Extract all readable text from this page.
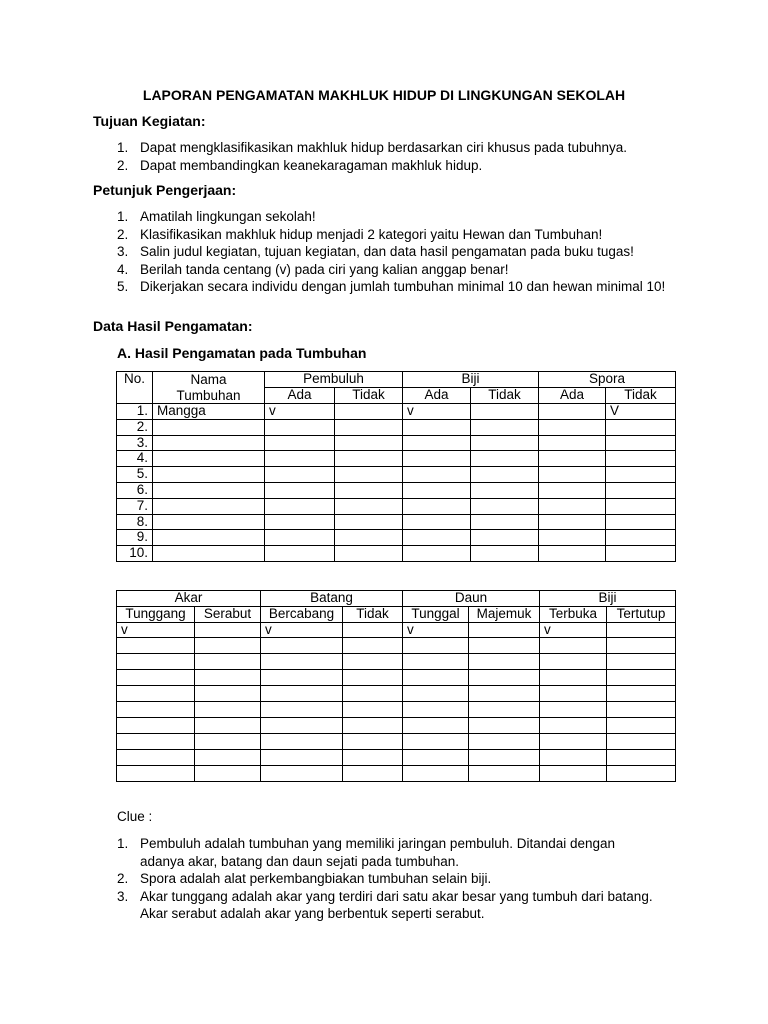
LAPORAN PENGAMATAN MAKHLUK HIDUP DI LINGKUNGAN SEKOLAH
Tujuan Kegiatan:
1. Dapat mengklasifikasikan makhluk hidup berdasarkan ciri khusus pada tubuhnya.
2. Dapat membandingkan keanekaragaman makhluk hidup.
Petunjuk Pengerjaan:
1. Amatilah lingkungan sekolah!
2. Klasifikasikan makhluk hidup menjadi 2 kategori yaitu Hewan dan Tumbuhan!
3. Salin judul kegiatan, tujuan kegiatan, dan data hasil pengamatan pada buku tugas!
4. Berilah tanda centang (v) pada ciri yang kalian anggap benar!
5. Dikerjakan secara individu dengan jumlah tumbuhan minimal 10 dan hewan minimal 10!
Data Hasil Pengamatan:
A. Hasil Pengamatan pada Tumbuhan
No.	Nama Tumbuhan	Pembuluh		Biji		Spora	
		Ada	Tidak	Ada	Tidak	Ada	Tidak
1.	Mangga	v		v			V
2.							
3.							
4.							
5.							
6.							
7.							
8.							
9.							
10.							
Akar		Batang		Daun		Biji	
Tunggang	Serabut	Bercabang	Tidak	Tunggal	Majemuk	Terbuka	Tertutup
v		v		v		v	

Clue :
1. Pembuluh adalah tumbuhan yang memiliki jaringan pembuluh. Ditandai dengan adanya akar, batang dan daun sejati pada tumbuhan.
2. Spora adalah alat perkembangbiakan tumbuhan selain biji.
3. Akar tunggang adalah akar yang terdiri dari satu akar besar yang tumbuh dari batang.
Akar serabut adalah akar yang berbentuk seperti serabut.
